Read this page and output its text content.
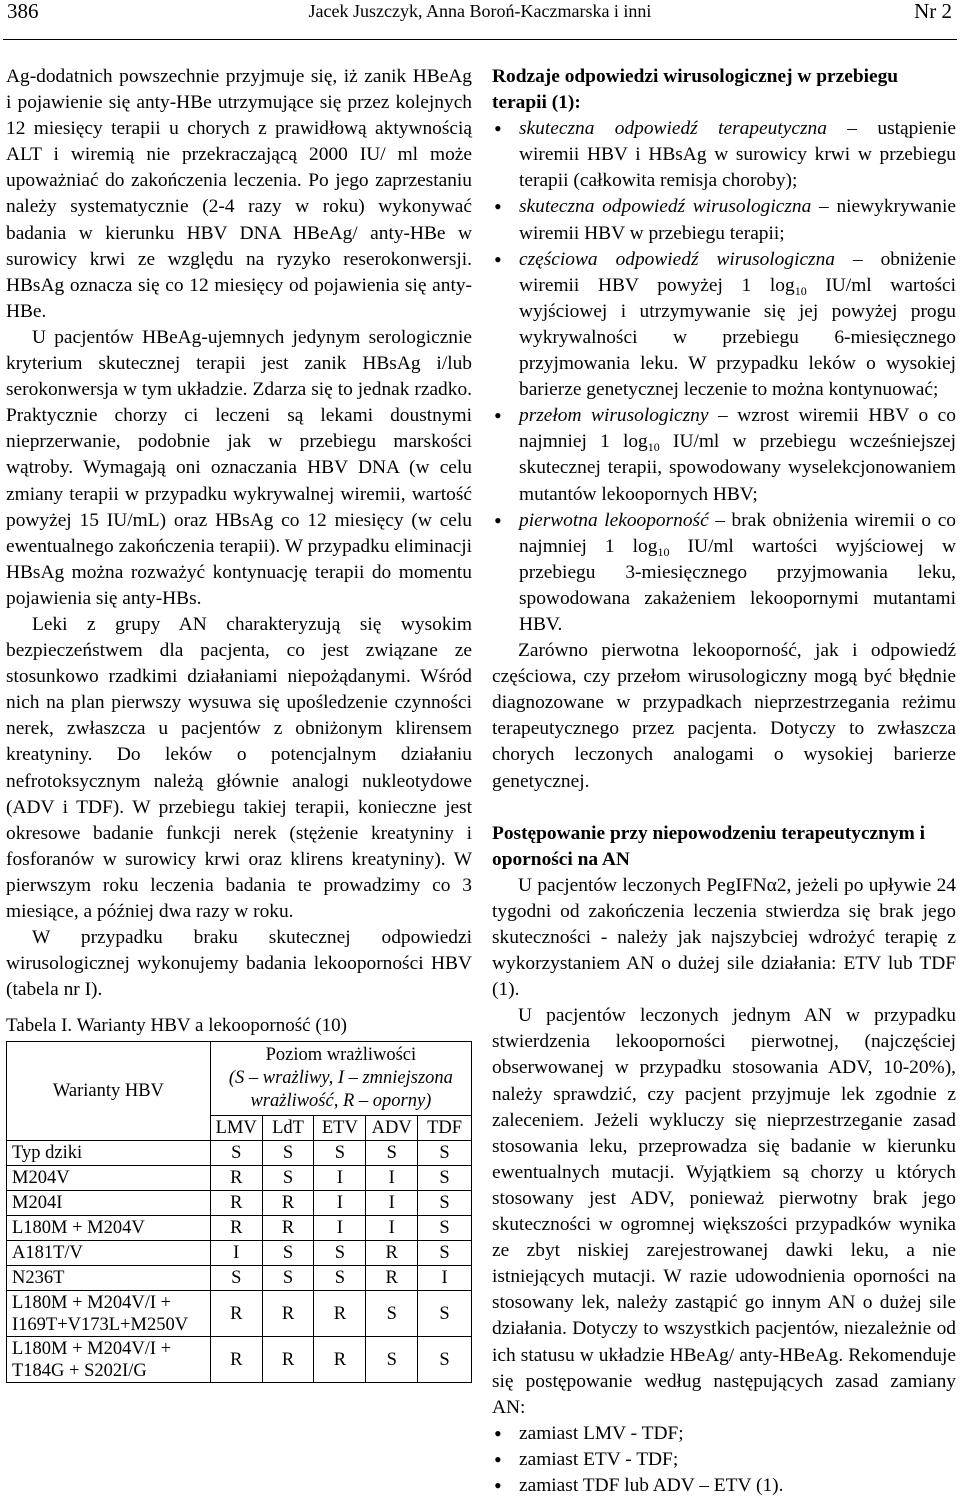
386	Jacek Juszczyk, Anna Boroń-Kaczmarska i inni	Nr 2

Ag-dodatnich powszechnie przyjmuje się, iż zanik HBeAg i pojawienie się anty-HBe utrzymujące się przez kolejnych 12 miesięcy terapii u chorych z prawidłową aktywnością ALT i wiremią nie przekraczającą 2000 IU/ ml może upoważniać do zakończenia leczenia. Po jego zaprzestaniu należy systematycznie (2-4 razy w roku) wykonywać badania w kierunku HBV DNA HBeAg/ anty-HBe w surowicy krwi ze względu na ryzyko reserokonwersji. HBsAg oznacza się co 12 miesięcy od pojawienia się anty-HBe.

U pacjentów HBeAg-ujemnych jedynym serologicznie kryterium skutecznej terapii jest zanik HBsAg i/lub serokonwersja w tym układzie. Zdarza się to jednak rzadko. Praktycznie chorzy ci leczeni są lekami doustnymi nieprzerwanie, podobnie jak w przebiegu marskości wątroby. Wymagają oni oznaczania HBV DNA (w celu zmiany terapii w przypadku wykrywalnej wiremii, wartość powyżej 15 IU/mL) oraz HBsAg co 12 miesięcy (w celu ewentualnego zakończenia terapii). W przypadku eliminacji HBsAg można rozważyć kontynuację terapii do momentu pojawienia się anty-HBs.

Leki z grupy AN charakteryzują się wysokim bezpieczeństwem dla pacjenta, co jest związane ze stosunkowo rzadkimi działaniami niepożądanymi. Wśród nich na plan pierwszy wysuwa się upośledzenie czynności nerek, zwłaszcza u pacjentów z obniżonym klirensem kreatyniny. Do leków o potencjalnym działaniu nefrotoksycznym należą głównie analogi nukleotydowe (ADV i TDF). W przebiegu takiej terapii, konieczne jest okresowe badanie funkcji nerek (stężenie kreatyniny i fosforanów w surowicy krwi oraz klirens kreatyniny). W pierwszym roku leczenia badania te prowadzimy co 3 miesiące, a później dwa razy w roku.

W przypadku braku skutecznej odpowiedzi wirusologicznej wykonujemy badania lekooporności HBV (tabela nr I).

Tabela I. Warianty HBV a lekooporność (10)
Warianty HBV	Poziom wrażliwości
(S – wrażliwy, I – zmniejszona wrażliwość, R – oporny)				

	LMV	LdT	ETV	ADV	TDF
Typ dziki	S	S	S	S	S
M204V	R	S	I	I	S
M204I	R	R	I	I	S
L180M + M204V	R	R	I	I	S
A181T/V	I	S	S	R	S
N236T	S	S	S	R	I

L180M + M204V/I +
I169T+V173L+M250V	R	R	R	S	S

L180M + M204V/I +
T184G + S202I/G	R	R	R	S	S

Rodzaje odpowiedzi wirusologicznej w przebiegu terapii (1):

• skuteczna odpowiedź terapeutyczna – ustąpienie wiremii HBV i HBsAg w surowicy krwi w przebiegu terapii (całkowita remisja choroby);
• skuteczna odpowiedź wirusologiczna – niewykrywanie wiremii HBV w przebiegu terapii;
• częściowa odpowiedź wirusologiczna – obniżenie wiremii HBV powyżej 1 $\log_{10} IU/ml$ wartości wyjściowej i utrzymywanie się jej powyżej progu wykrywalności w przebiegu 6-miesięcznego przyjmowania leku. W przypadku leków o wysokiej barierze genetycznej leczenie to można kontynuować;
• przełom wirusologiczny – wzrost wiremii HBV o co najmniej 1 $\log_{10} IU/ml$ w przebiegu wcześniejszej skutecznej terapii, spowodowany wyselekcjonowaniem mutantów lekoopornych HBV;
• pierwotna lekooporność – brak obniżenia wiremii o co najmniej 1 $\log_{10} IU/ml$ wartości wyjściowej w przebiegu 3-miesięcznego przyjmowania leku, spowodowana zakażeniem lekoopornymi mutantami HBV.

Zarówno pierwotna lekooporność, jak i odpowiedź częściowa, czy przełom wirusologiczny mogą być błędnie diagnozowane w przypadkach nieprzestrzegania reżimu terapeutycznego przez pacjenta. Dotyczy to zwłaszcza chorych leczonych analogami o wysokiej barierze genetycznej.

Postępowanie przy niepowodzeniu terapeutycznym i oporności na AN

U pacjentów leczonych PegIFNα2, jeżeli po upływie 24 tygodni od zakończenia leczenia stwierdza się brak jego skuteczności - należy jak najszybciej wdrożyć terapię z wykorzystaniem AN o dużej sile działania: ETV lub TDF (1).

U pacjentów leczonych jednym AN w przypadku stwierdzenia lekooporności pierwotnej, (najczęściej obserwowanej w przypadku stosowania ADV, 10-20%), należy sprawdzić, czy pacjent przyjmuje lek zgodnie z zaleceniem. Jeżeli wykluczy się nieprzestrzeganie zasad stosowania leku, przeprowadza się badanie w kierunku ewentualnych mutacji. Wyjątkiem są chorzy u których stosowany jest ADV, ponieważ pierwotny brak jego skuteczności w ogromnej większości przypadków wynika ze zbyt niskiej zarejestrowanej dawki leku, a nie istniejących mutacji. W razie udowodnienia oporności na stosowany lek, należy zastąpić go innym AN o dużej sile działania. Dotyczy to wszystkich pacjentów, niezależnie od ich statusu w układzie HBeAg/ anty-HBeAg. Rekomenduje się postępowanie według następujących zasad zamiany AN:

• zamiast LMV - TDF;
• zamiast ETV - TDF;
• zamiast TDF lub ADV – ETV (1).
